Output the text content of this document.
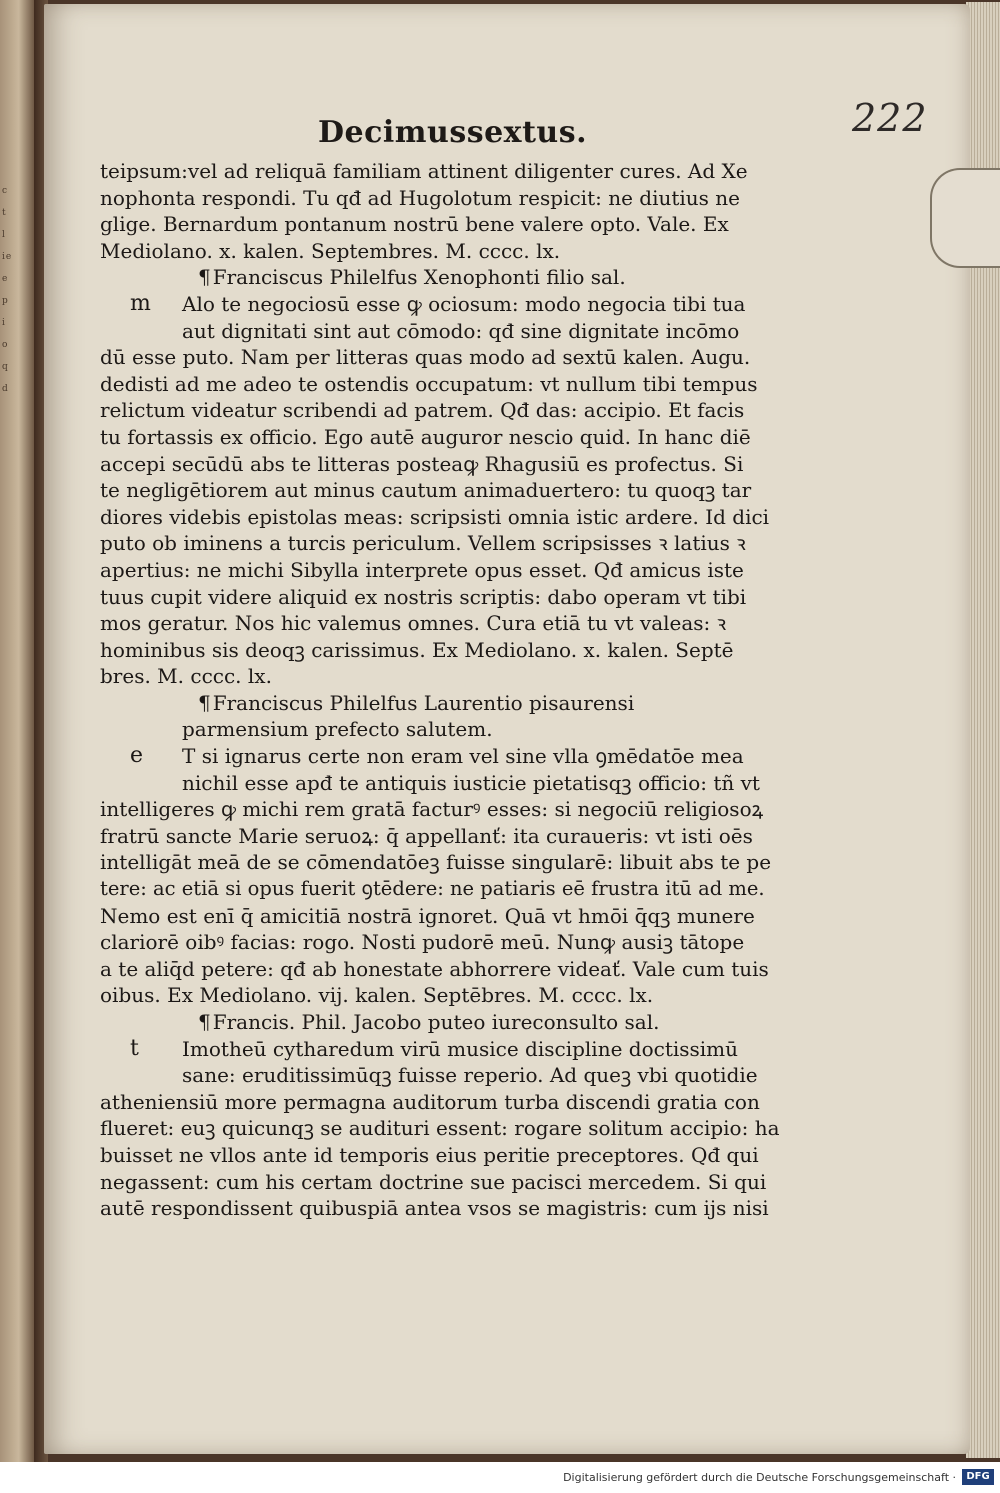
c
t
l
ie
e
p
i
o
q
d
222
Decimussextus.
teipsum:vel ad reliquā familiam attinent diligenter cures. Ad Xe
nophonta respondi. Tu qđ ad Hugolotum respicit: ne diutius ne
glige. Bernardum pontanum nostrū bene valere opto. Vale. Ex
Mediolano. x. kalen. Septembres. M. cccc. lx.
¶ Franciscus Philelfus Xenophonti filio sal.
m Alo te negociosū esse ꝙ ociosum: modo negocia tibi tua
aut dignitati sint aut cōmodo: qđ sine dignitate incōmo
dū esse puto. Nam per litteras quas modo ad sextū kalen. Augu.
dedisti ad me adeo te ostendis occupatum: vt nullum tibi tempus
relictum videatur scribendi ad patrem. Qđ das: accipio. Et facis
tu fortassis ex officio. Ego autē auguror nescio quid. In hanc diē
accepi secūdū abs te litteras posteaꝙ Rhagusiū es profectus. Si
te negligētiorem aut minus cautum animaduertero: tu quoqꝫ tar
diores videbis epistolas meas: scripsisti omnia istic ardere. Id dici
puto ob iminens a turcis periculum. Vellem scripsisses ꝛ latius ꝛ
apertius: ne michi Sibylla interprete opus esset. Qđ amicus iste
tuus cupit videre aliquid ex nostris scriptis: dabo operam vt tibi
mos geratur. Nos hic valemus omnes. Cura etiā tu vt valeas: ꝛ
hominibus sis deoqꝫ carissimus. Ex Mediolano. x. kalen. Septē
bres. M. cccc. lx.
¶ Franciscus Philelfus Laurentio pisaurensi
parmensium prefecto salutem.
e T si ignarus certe non eram vel sine vlla ꝯmēdatōe mea
nichil esse apđ te antiquis iusticie pietatisqꝫ officio: tñ vt
intelligeres ꝙ michi rem gratā facturꝰ esses: si negociū religiosoꝝ
fratrū sancte Marie seruoꝝ: q̄ appellanť: ita curaueris: vt isti oēs
intelligāt meā de se cōmendatōeꝫ fuisse singularē: libuit abs te pe
tere: ac etiā si opus fuerit ꝯtēdere: ne patiaris eē frustra itū ad me.
Nemo est enī q̄ amicitiā nostrā ignoret. Quā vt hmōi q̄qꝫ munere
clariorē oibꝰ facias: rogo. Nosti pudorē meū. Nunꝙ ausiꝫ tātope
a te aliq̄d petere: qđ ab honestate abhorrere videať. Vale cum tuis
oibus. Ex Mediolano. vij. kalen. Septēbres. M. cccc. lx.
¶ Francis. Phil. Jacobo puteo iureconsulto sal.
t Imotheū cytharedum virū musice discipline doctissimū
sane: eruditissimūqꝫ fuisse reperio. Ad queꝫ vbi quotidie
atheniensiū more permagna auditorum turba discendi gratia con
flueret: euꝫ quicunqꝫ se audituri essent: rogare solitum accipio: ha
buisset ne vllos ante id temporis eius peritie preceptores. Qđ qui
negassent: cum his certam doctrine sue pacisci mercedem. Si qui
autē respondissent quibuspiā antea vsos se magistris: cum ijs nisi
Digitalisierung gefördert durch die Deutsche Forschungsgemeinschaft ·	DFG
